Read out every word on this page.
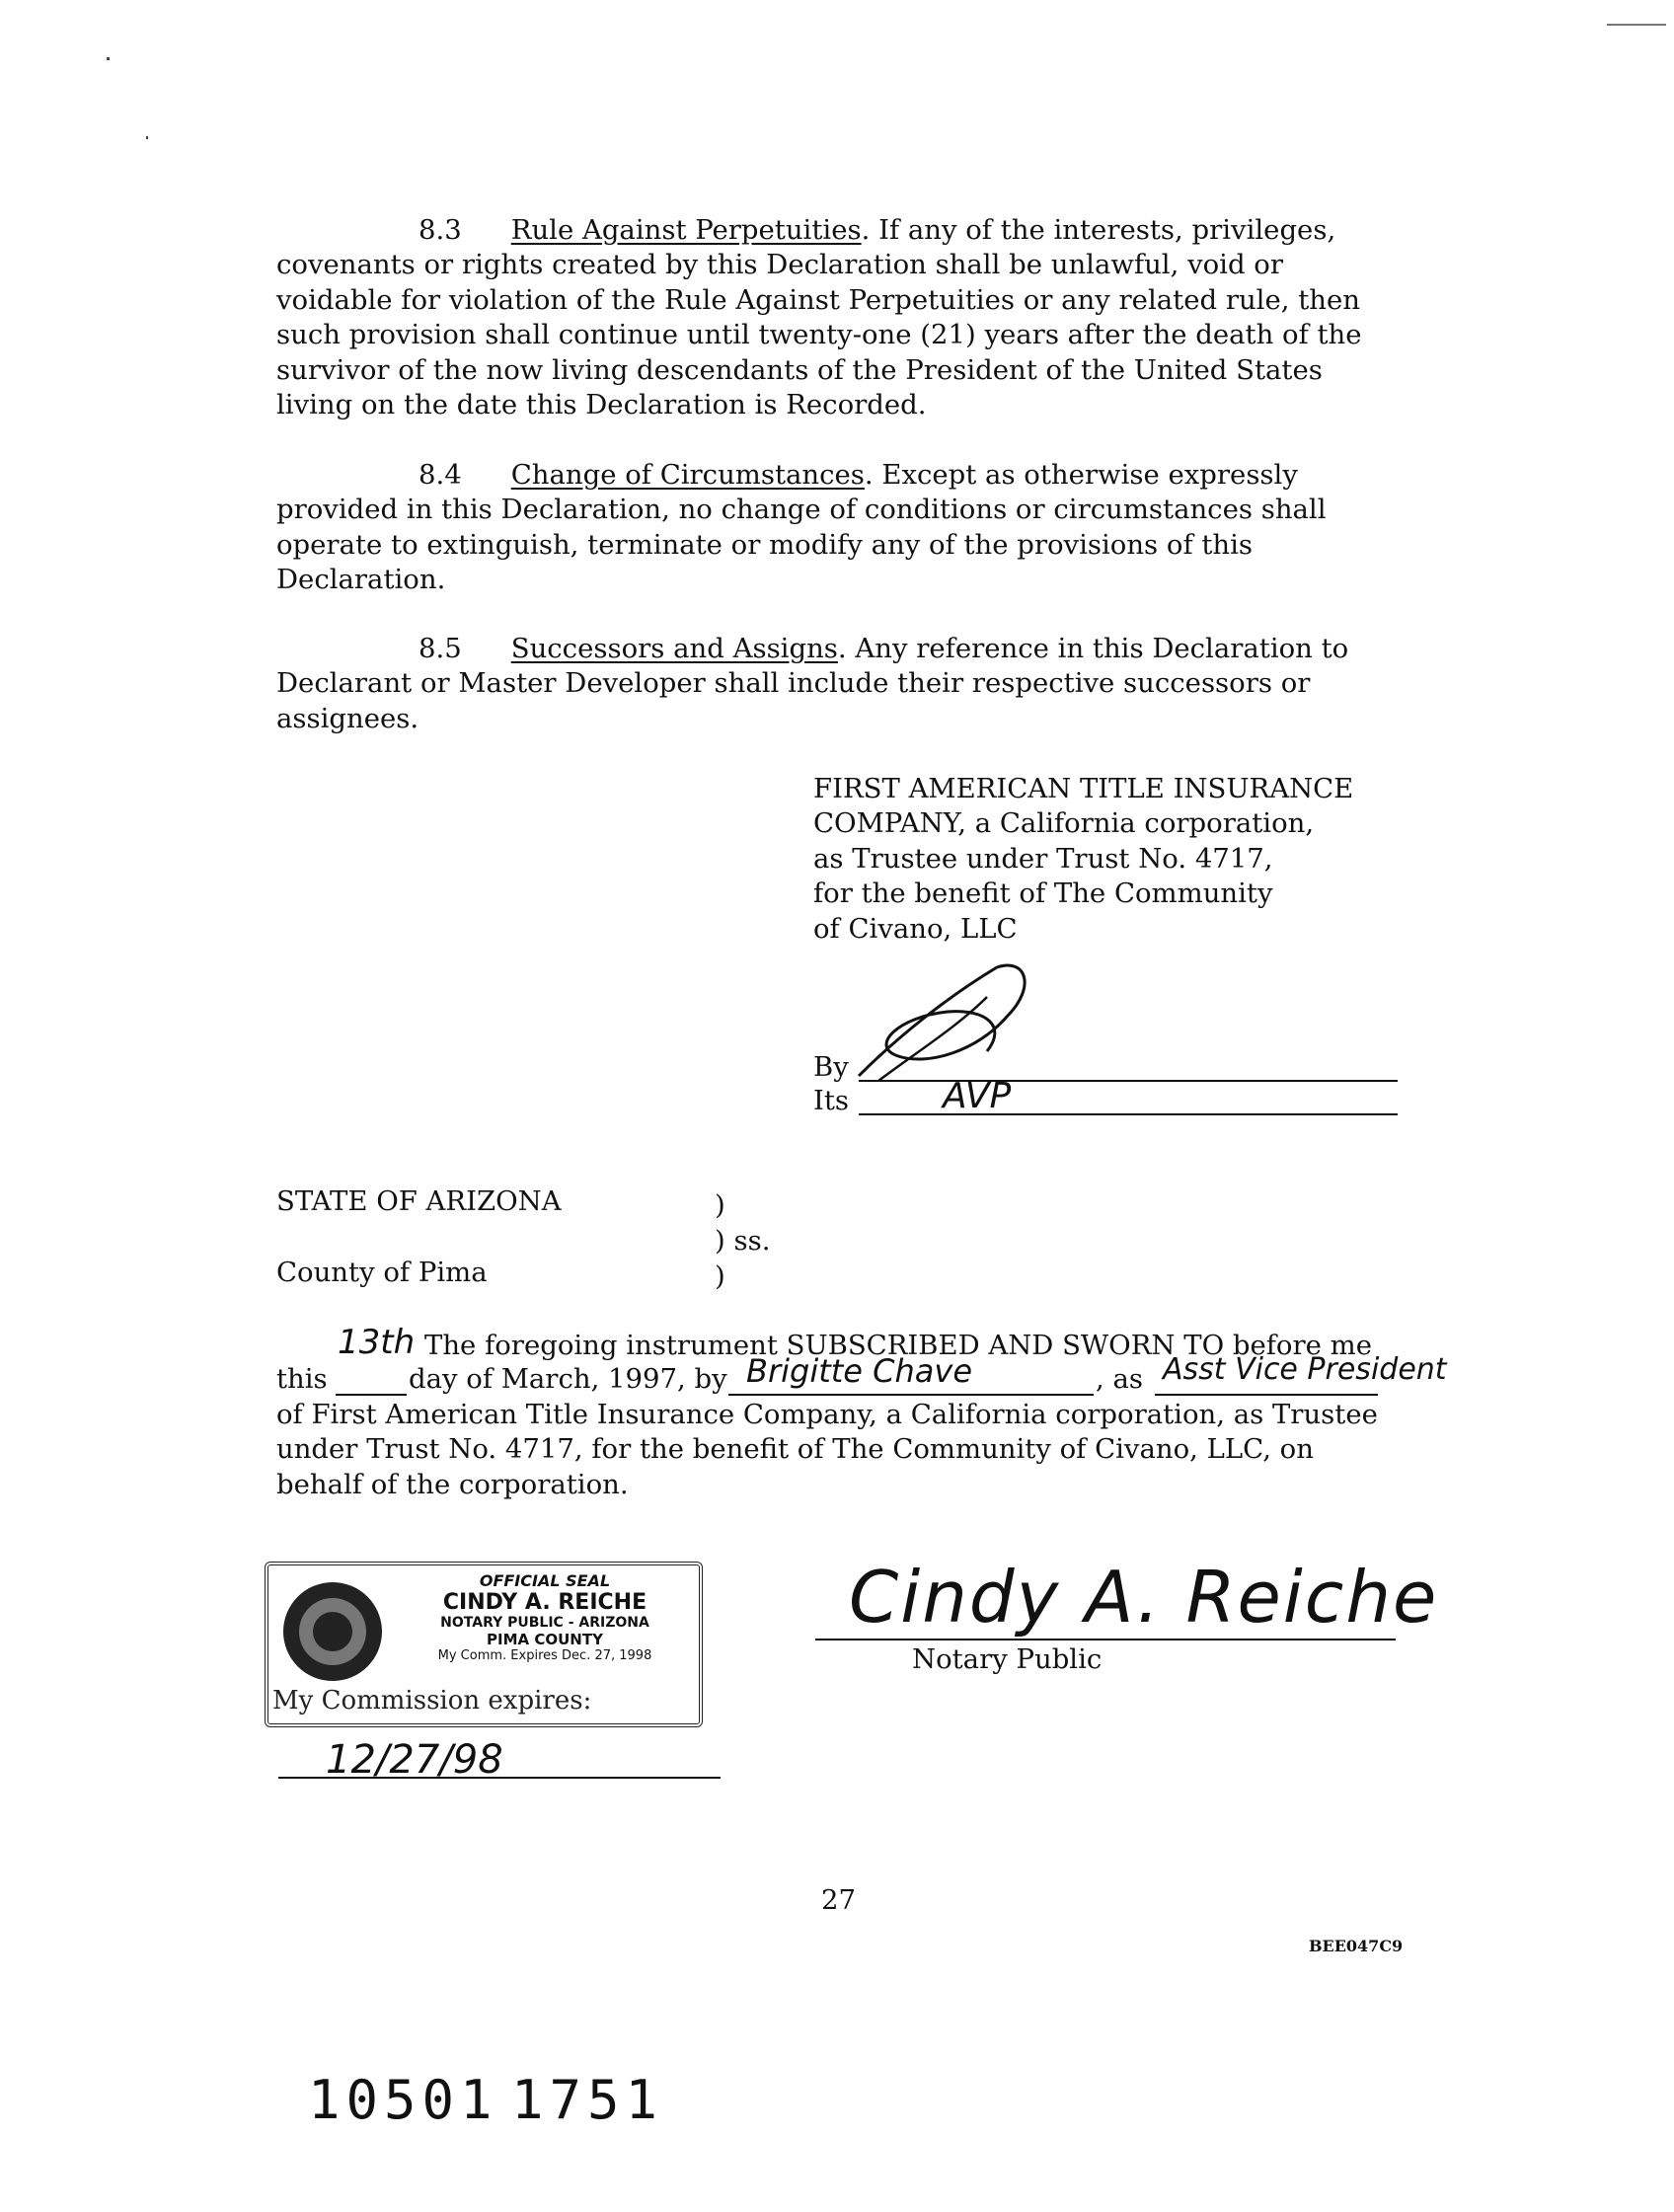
8.3 Rule Against Perpetuities. If any of the interests, privileges,
covenants or rights created by this Declaration shall be unlawful, void or
voidable for violation of the Rule Against Perpetuities or any related rule, then
such provision shall continue until twenty-one (21) years after the death of the
survivor of the now living descendants of the President of the United States
living on the date this Declaration is Recorded.
8.4 Change of Circumstances. Except as otherwise expressly
provided in this Declaration, no change of conditions or circumstances shall
operate to extinguish, terminate or modify any of the provisions of this
Declaration.
8.5 Successors and Assigns. Any reference in this Declaration to
Declarant or Master Developer shall include their respective successors or
assignees.
FIRST AMERICAN TITLE INSURANCE
COMPANY, a California corporation,
as Trustee under Trust No. 4717,
for the benefit of The Community
of Civano, LLC
By
Its	AVP
STATE OF ARIZONA	)
) ss.
County of Pima	)
13th The foregoing instrument SUBSCRIBED AND SWORN TO before me
this	day of March, 1997, by Brigitte Chave	, as Asst Vice President
of First American Title Insurance Company, a California corporation, as Trustee
under Trust No. 4717, for the benefit of The Community of Civano, LLC, on
behalf of the corporation.
OFFICIAL SEAL
CINDY A. REICHE
NOTARY PUBLIC - ARIZONA
PIMA COUNTY
My Comm. Expires Dec. 27, 1998
My Commission expires:
12/27/98
Cindy A. Reiche
Notary Public
27
BEE047C9
10501 1751
